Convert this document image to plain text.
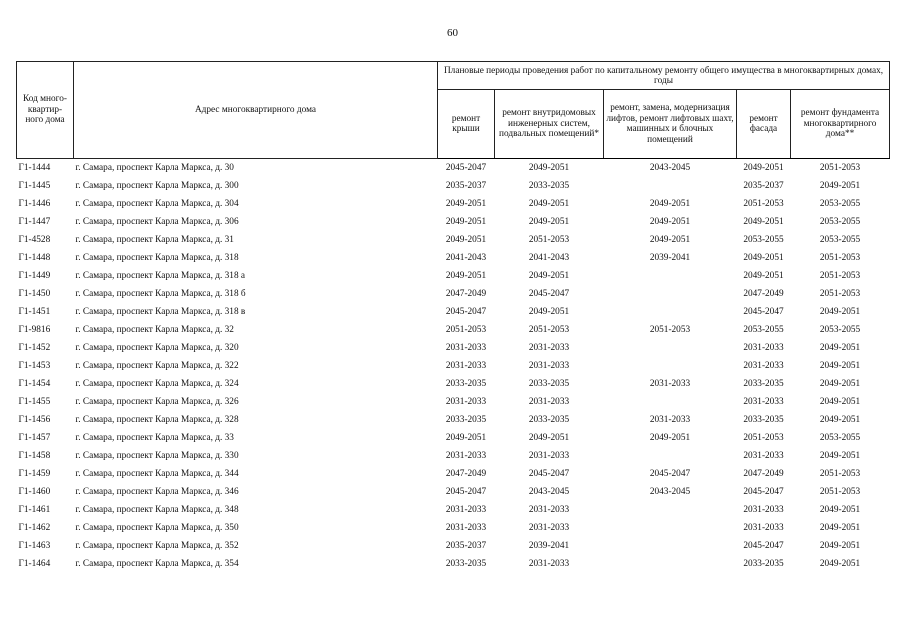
60
Код много-квартир-ного дома	Адрес многоквартирного дома	Плановые периоды проведения работ по капитальному ремонту общего имущества в многоквартирных домах, годы				
		ремонт крыши	ремонт внутридомовых инженерных систем, подвальных помещений*	ремонт, замена, модернизация лифтов, ремонт лифтовых шахт, машинных и блочных помещений	ремонт фасада	ремонт фундамента многоквартирного дома**
Г1-1444	г. Самара, проспект Карла Маркса, д. 30	2045-2047	2049-2051	2043-2045	2049-2051	2051-2053
Г1-1445	г. Самара, проспект Карла Маркса, д. 300	2035-2037	2033-2035		2035-2037	2049-2051
Г1-1446	г. Самара, проспект Карла Маркса, д. 304	2049-2051	2049-2051	2049-2051	2051-2053	2053-2055
Г1-1447	г. Самара, проспект Карла Маркса, д. 306	2049-2051	2049-2051	2049-2051	2049-2051	2053-2055
Г1-4528	г. Самара, проспект Карла Маркса, д. 31	2049-2051	2051-2053	2049-2051	2053-2055	2053-2055
Г1-1448	г. Самара, проспект Карла Маркса, д. 318	2041-2043	2041-2043	2039-2041	2049-2051	2051-2053
Г1-1449	г. Самара, проспект Карла Маркса, д. 318 а	2049-2051	2049-2051		2049-2051	2051-2053
Г1-1450	г. Самара, проспект Карла Маркса, д. 318 б	2047-2049	2045-2047		2047-2049	2051-2053
Г1-1451	г. Самара, проспект Карла Маркса, д. 318 в	2045-2047	2049-2051		2045-2047	2049-2051
Г1-9816	г. Самара, проспект Карла Маркса, д. 32	2051-2053	2051-2053	2051-2053	2053-2055	2053-2055
Г1-1452	г. Самара, проспект Карла Маркса, д. 320	2031-2033	2031-2033		2031-2033	2049-2051
Г1-1453	г. Самара, проспект Карла Маркса, д. 322	2031-2033	2031-2033		2031-2033	2049-2051
Г1-1454	г. Самара, проспект Карла Маркса, д. 324	2033-2035	2033-2035	2031-2033	2033-2035	2049-2051
Г1-1455	г. Самара, проспект Карла Маркса, д. 326	2031-2033	2031-2033		2031-2033	2049-2051
Г1-1456	г. Самара, проспект Карла Маркса, д. 328	2033-2035	2033-2035	2031-2033	2033-2035	2049-2051
Г1-1457	г. Самара, проспект Карла Маркса, д. 33	2049-2051	2049-2051	2049-2051	2051-2053	2053-2055
Г1-1458	г. Самара, проспект Карла Маркса, д. 330	2031-2033	2031-2033		2031-2033	2049-2051
Г1-1459	г. Самара, проспект Карла Маркса, д. 344	2047-2049	2045-2047	2045-2047	2047-2049	2051-2053
Г1-1460	г. Самара, проспект Карла Маркса, д. 346	2045-2047	2043-2045	2043-2045	2045-2047	2051-2053
Г1-1461	г. Самара, проспект Карла Маркса, д. 348	2031-2033	2031-2033		2031-2033	2049-2051
Г1-1462	г. Самара, проспект Карла Маркса, д. 350	2031-2033	2031-2033		2031-2033	2049-2051
Г1-1463	г. Самара, проспект Карла Маркса, д. 352	2035-2037	2039-2041		2045-2047	2049-2051
Г1-1464	г. Самара, проспект Карла Маркса, д. 354	2033-2035	2031-2033		2033-2035	2049-2051
